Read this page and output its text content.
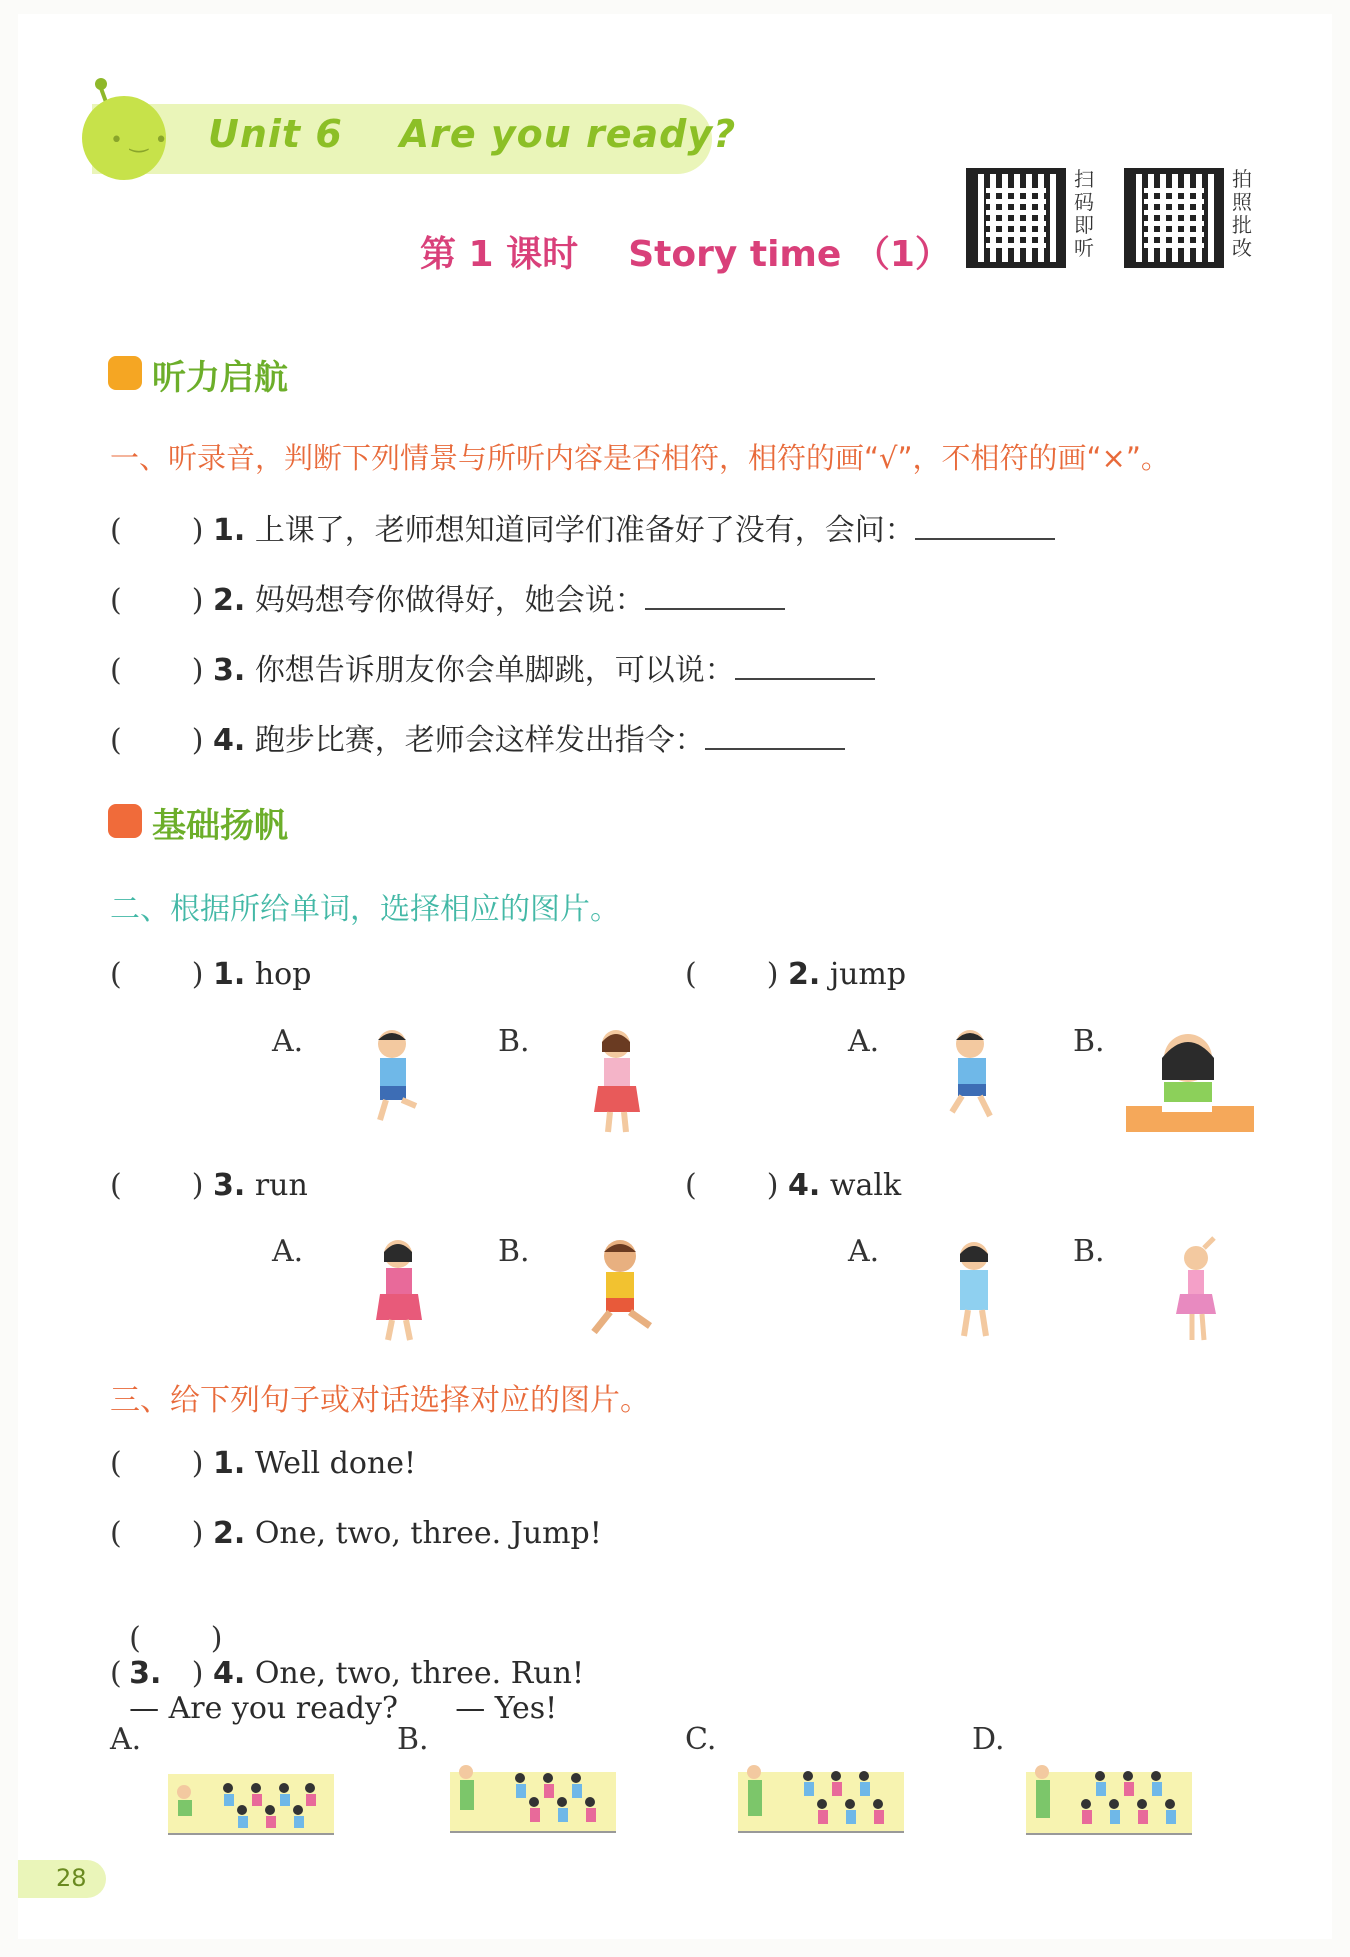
• ‿ • Unit 6    Are you ready?
第 1 课时    Story time （1）
扫码即听
拍照批改
听力启航
一、听录音，判断下列情景与所听内容是否相符，相符的画“√”，不相符的画“×”。
( ) 1. 上课了，老师想知道同学们准备好了没有，会问：
( ) 2. 妈妈想夸你做得好，她会说：
( ) 3. 你想告诉朋友你会单脚跳，可以说：
( ) 4. 跑步比赛，老师会这样发出指令：
基础扬帆
二、根据所给单词，选择相应的图片。
( ) 1. hop
A.	B.
( ) 2. jump
A.	B.
( ) 3. run
A.	B.
( ) 4. walk
A.	B.
三、给下列句子或对话选择对应的图片。
( ) 1. Well done!
( ) 2. One, two, three. Jump!

( )
3.
— Are you ready?      — Yes!

( ) 4. One, two, three. Run!
A.	B.	C.	D.
28
